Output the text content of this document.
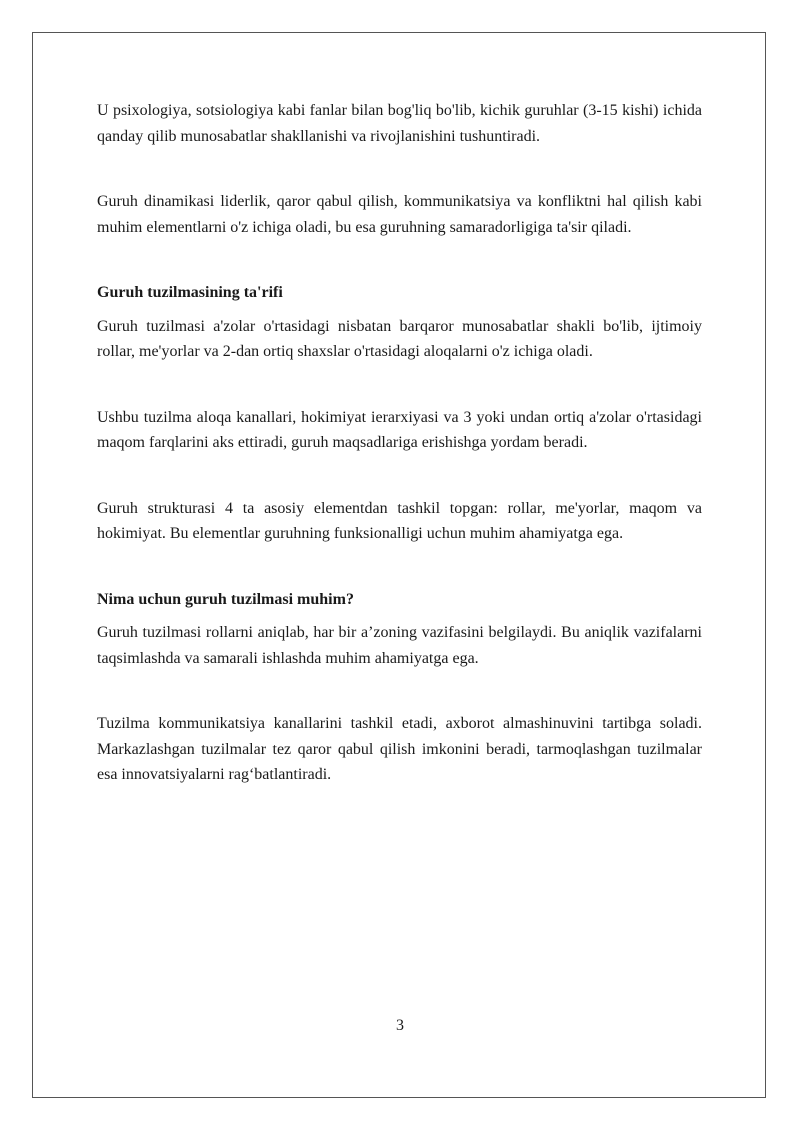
U psixologiya, sotsiologiya kabi fanlar bilan bog'liq bo'lib, kichik guruhlar (3-15 kishi) ichida qanday qilib munosabatlar shakllanishi va rivojlanishini tushuntiradi.

Guruh dinamikasi liderlik, qaror qabul qilish, kommunikatsiya va konfliktni hal qilish kabi muhim elementlarni o'z ichiga oladi, bu esa guruhning samaradorligiga ta'sir qiladi.

Guruh tuzilmasining ta'rifi

Guruh tuzilmasi a'zolar o'rtasidagi nisbatan barqaror munosabatlar shakli bo'lib, ijtimoiy rollar, me'yorlar va 2-dan ortiq shaxslar o'rtasidagi aloqalarni o'z ichiga oladi.

Ushbu tuzilma aloqa kanallari, hokimiyat ierarxiyasi va 3 yoki undan ortiq a'zolar o'rtasidagi maqom farqlarini aks ettiradi, guruh maqsadlariga erishishga yordam beradi.

Guruh strukturasi 4 ta asosiy elementdan tashkil topgan: rollar, me'yorlar, maqom va hokimiyat. Bu elementlar guruhning funksionalligi uchun muhim ahamiyatga ega.

Nima uchun guruh tuzilmasi muhim?

Guruh tuzilmasi rollarni aniqlab, har bir a’zoning vazifasini belgilaydi. Bu aniqlik vazifalarni taqsimlashda va samarali ishlashda muhim ahamiyatga ega.

Tuzilma kommunikatsiya kanallarini tashkil etadi, axborot almashinuvini tartibga soladi. Markazlashgan tuzilmalar tez qaror qabul qilish imkonini beradi, tarmoqlashgan tuzilmalar esa innovatsiyalarni rag‘batlantiradi.

3
